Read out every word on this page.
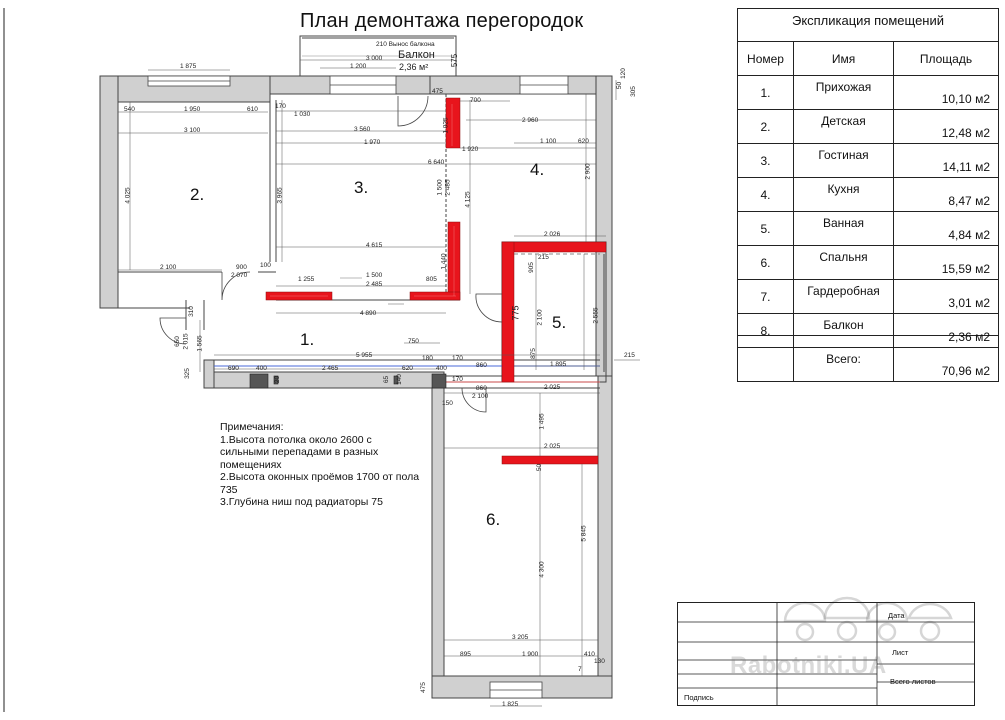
1 875
540	1 950	610
3 100
4 025
2 100	900
2 070
100
210 Вынос балкона
3 000
1 200
Балкон
2,36 м²	575
170
1 030
3 560
1 970
3 965
6 640
1 500 2 485
4 615
1 255
1 500
2 485
805
1 440
4 890
475
700
1 025	2 960
1 100	620
1 920
4 125
2 900
50
120
305
2 026
905
215
2 100
875
2 555
775
1 895
215
750
5 955	180	170
860
690	400	2 465	620	400
1 565
2 015
650
325
310
20	65 140	170
860
2 100
2 025
150
1 495
2 025
50
5 845
4 300
3 205
895	1 900	410
130
7
475
1 825
План демонтажа перегородок
1.
2.	3.
4.
5.
6.
Примечания:
1.Высота потолка около 2600 с сильными перепадами в разных помещениях
2.Высота оконных проёмов 1700 от пола 735
3.Глубина ниш под радиаторы 75
Экспликация помещений
Номер	Имя	Площадь
1.	Прихожая	10,10 м2
2.	Детская	12,48 м2
3.	Гостиная	14,11 м2
4.	Кухня	8,47 м2
5.	Ванная	4,84 м2
6.	Спальня	15,59 м2
7.	Гардеробная	3,01 м2
8.	Балкон	2,36 м2
	Всего:	70,96 м2
Дата
Лист
Всего листов
Подпись
Rabotniki.UA
